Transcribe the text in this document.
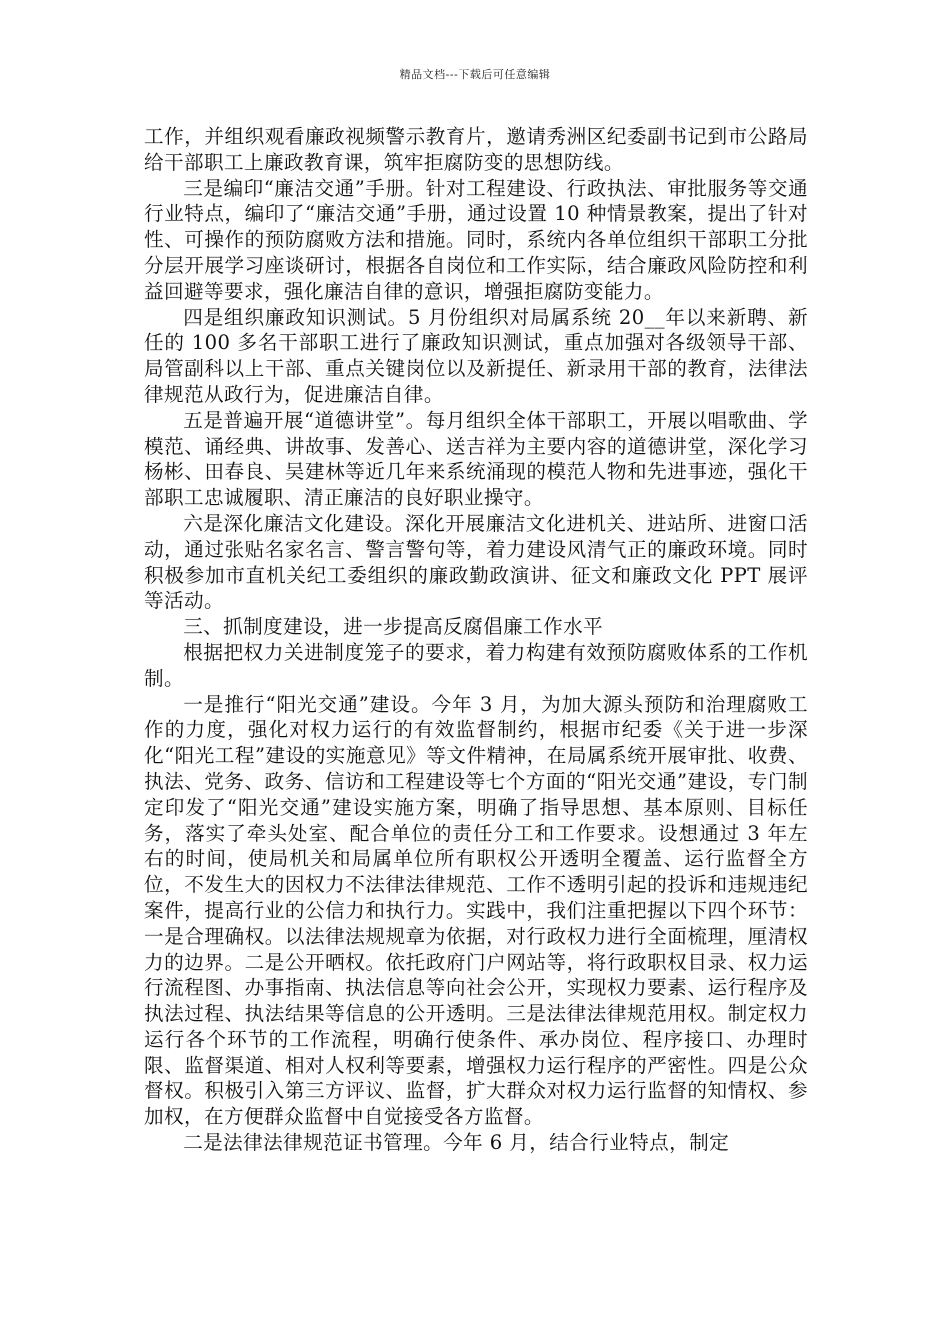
精品文档---下载后可任意编辑

工作，并组织观看廉政视频警示教育片，邀请秀洲区纪委副书记到市公路局给干部职工上廉政教育课，筑牢拒腐防变的思想防线。

三是编印“廉洁交通”手册。针对工程建设、行政执法、审批服务等交通行业特点，编印了“廉洁交通”手册，通过设置 10 种情景教案，提出了针对性、可操作的预防腐败方法和措施。同时，系统内各单位组织干部职工分批分层开展学习座谈研讨，根据各自岗位和工作实际，结合廉政风险防控和利益回避等要求，强化廉洁自律的意识，增强拒腐防变能力。

四是组织廉政知识测试。5 月份组织对局属系统 20__年以来新聘、新任的 100 多名干部职工进行了廉政知识测试，重点加强对各级领导干部、局管副科以上干部、重点关键岗位以及新提任、新录用干部的教育，法律法律规范从政行为，促进廉洁自律。

五是普遍开展“道德讲堂”。每月组织全体干部职工，开展以唱歌曲、学模范、诵经典、讲故事、发善心、送吉祥为主要内容的道德讲堂，深化学习杨彬、田春良、吴建林等近几年来系统涌现的模范人物和先进事迹，强化干部职工忠诚履职、清正廉洁的良好职业操守。

六是深化廉洁文化建设。深化开展廉洁文化进机关、进站所、进窗口活动，通过张贴名家名言、警言警句等，着力建设风清气正的廉政环境。同时积极参加市直机关纪工委组织的廉政勤政演讲、征文和廉政文化 PPT 展评等活动。

三、抓制度建设，进一步提高反腐倡廉工作水平

根据把权力关进制度笼子的要求，着力构建有效预防腐败体系的工作机制。

一是推行“阳光交通”建设。今年 3 月，为加大源头预防和治理腐败工作的力度，强化对权力运行的有效监督制约，根据市纪委《关于进一步深化“阳光工程”建设的实施意见》等文件精神，在局属系统开展审批、收费、执法、党务、政务、信访和工程建设等七个方面的“阳光交通”建设，专门制定印发了“阳光交通”建设实施方案，明确了指导思想、基本原则、目标任务，落实了牵头处室、配合单位的责任分工和工作要求。设想通过 3 年左右的时间，使局机关和局属单位所有职权公开透明全覆盖、运行监督全方位，不发生大的因权力不法律法律规范、工作不透明引起的投诉和违规违纪案件，提高行业的公信力和执行力。实践中，我们注重把握以下四个环节：一是合理确权。以法律法规规章为依据，对行政权力进行全面梳理，厘清权力的边界。二是公开晒权。依托政府门户网站等，将行政职权目录、权力运行流程图、办事指南、执法信息等向社会公开，实现权力要素、运行程序及执法过程、执法结果等信息的公开透明。三是法律法律规范用权。制定权力运行各个环节的工作流程，明确行使条件、承办岗位、程序接口、办理时限、监督渠道、相对人权利等要素，增强权力运行程序的严密性。四是公众督权。积极引入第三方评议、监督，扩大群众对权力运行监督的知情权、参加权，在方便群众监督中自觉接受各方监督。

二是法律法律规范证书管理。今年 6 月，结合行业特点，制定
